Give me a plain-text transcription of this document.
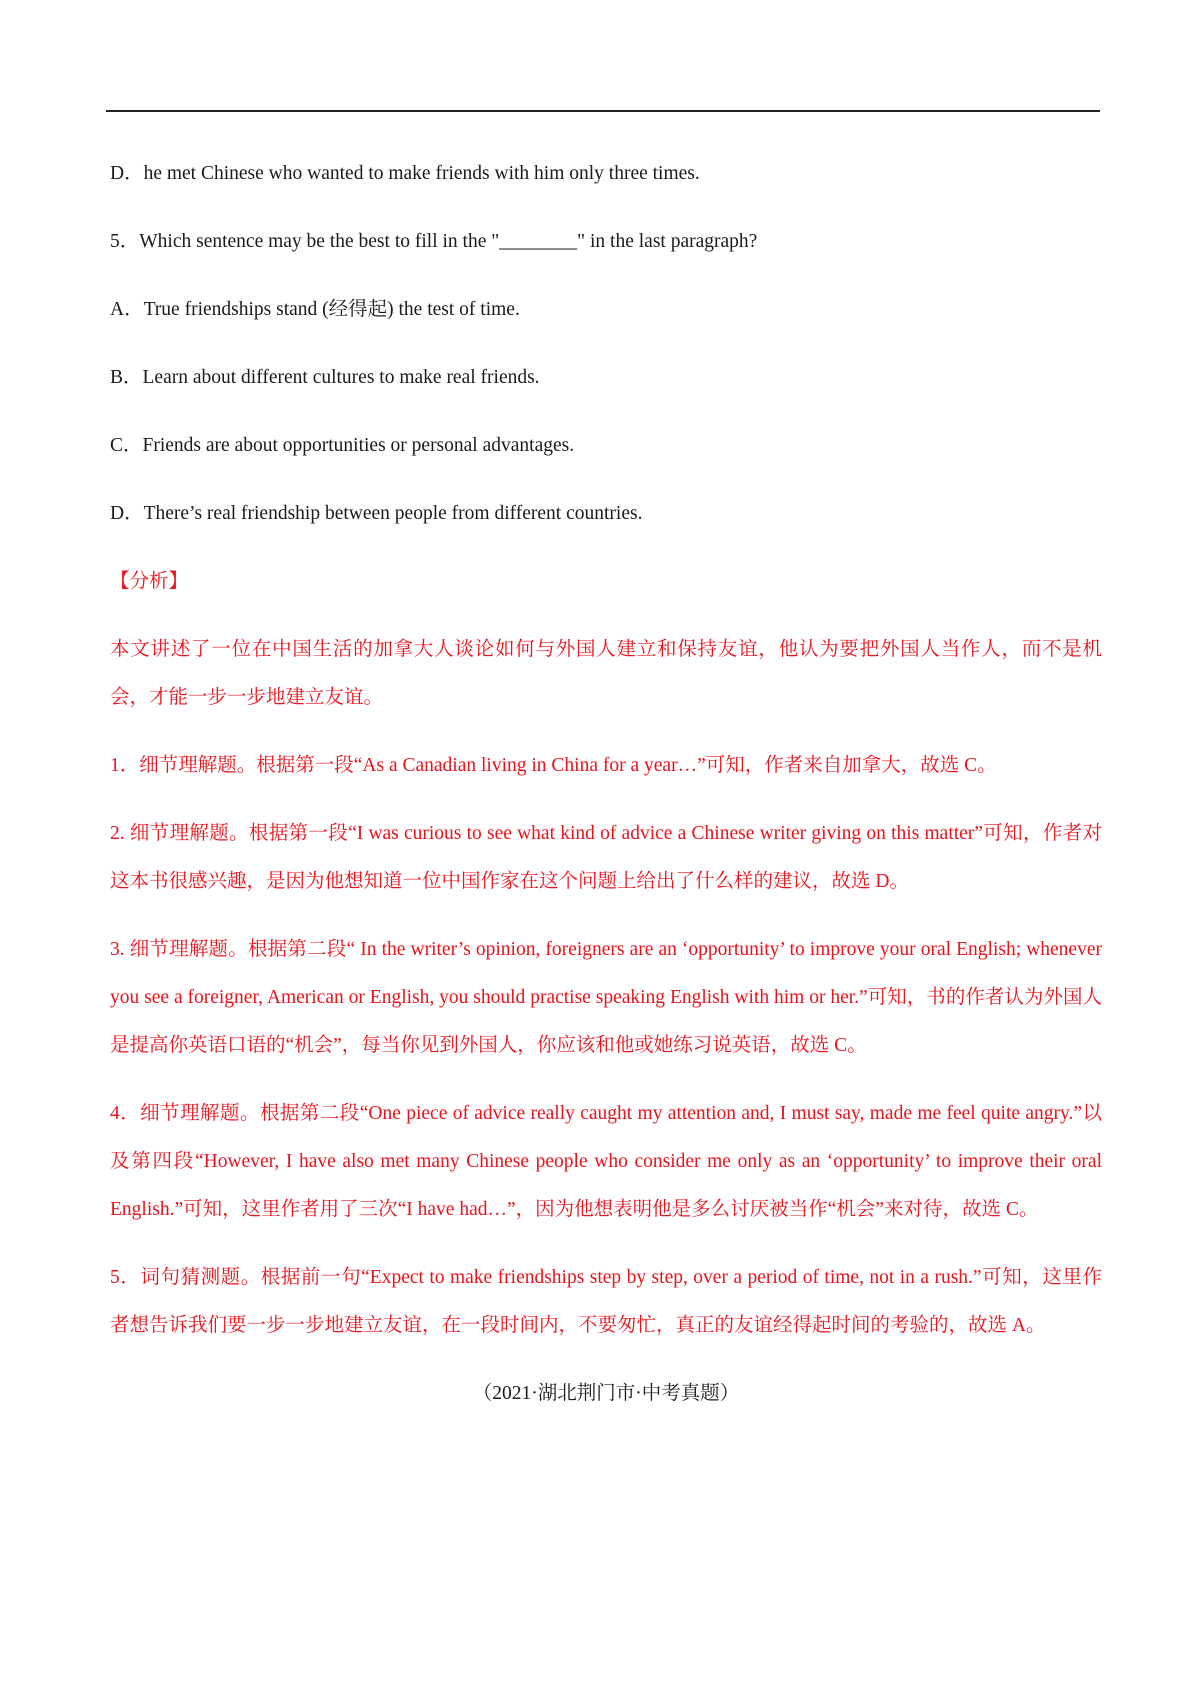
D．he met Chinese who wanted to make friends with him only three times.

5．Which sentence may be the best to fill in the "________" in the last paragraph?

A．True friendships stand (经得起) the test of time.

B．Learn about different cultures to make real friends.

C．Friends are about opportunities or personal advantages.

D．There’s real friendship between people from different countries.

【分析】

本文讲述了一位在中国生活的加拿大人谈论如何与外国人建立和保持友谊，他认为要把外国人当作人，而不是机会，才能一步一步地建立友谊。

1．细节理解题。根据第一段“As a Canadian living in China for a year…”可知，作者来自加拿大，故选 C。

2. 细节理解题。根据第一段“I was curious to see what kind of advice a Chinese writer giving on this matter”可知，作者对这本书很感兴趣，是因为他想知道一位中国作家在这个问题上给出了什么样的建议，故选 D。

3. 细节理解题。根据第二段“ In the writer’s opinion, foreigners are an ‘opportunity’ to improve your oral English; whenever you see a foreigner, American or English, you should practise speaking English with him or her.”可知，书的作者认为外国人是提高你英语口语的“机会”，每当你见到外国人，你应该和他或她练习说英语，故选 C。

4．细节理解题。根据第二段“One piece of advice really caught my attention and, I must say, made me feel quite angry.”以及第四段“However, I have also met many Chinese people who consider me only as an ‘opportunity’ to improve their oral English.”可知，这里作者用了三次“I have had…”，因为他想表明他是多么讨厌被当作“机会”来对待，故选 C。

5．词句猜测题。根据前一句“Expect to make friendships step by step, over a period of time, not in a rush.”可知，这里作者想告诉我们要一步一步地建立友谊，在一段时间内，不要匆忙，真正的友谊经得起时间的考验的，故选 A。

（2021·湖北荆门市·中考真题）
